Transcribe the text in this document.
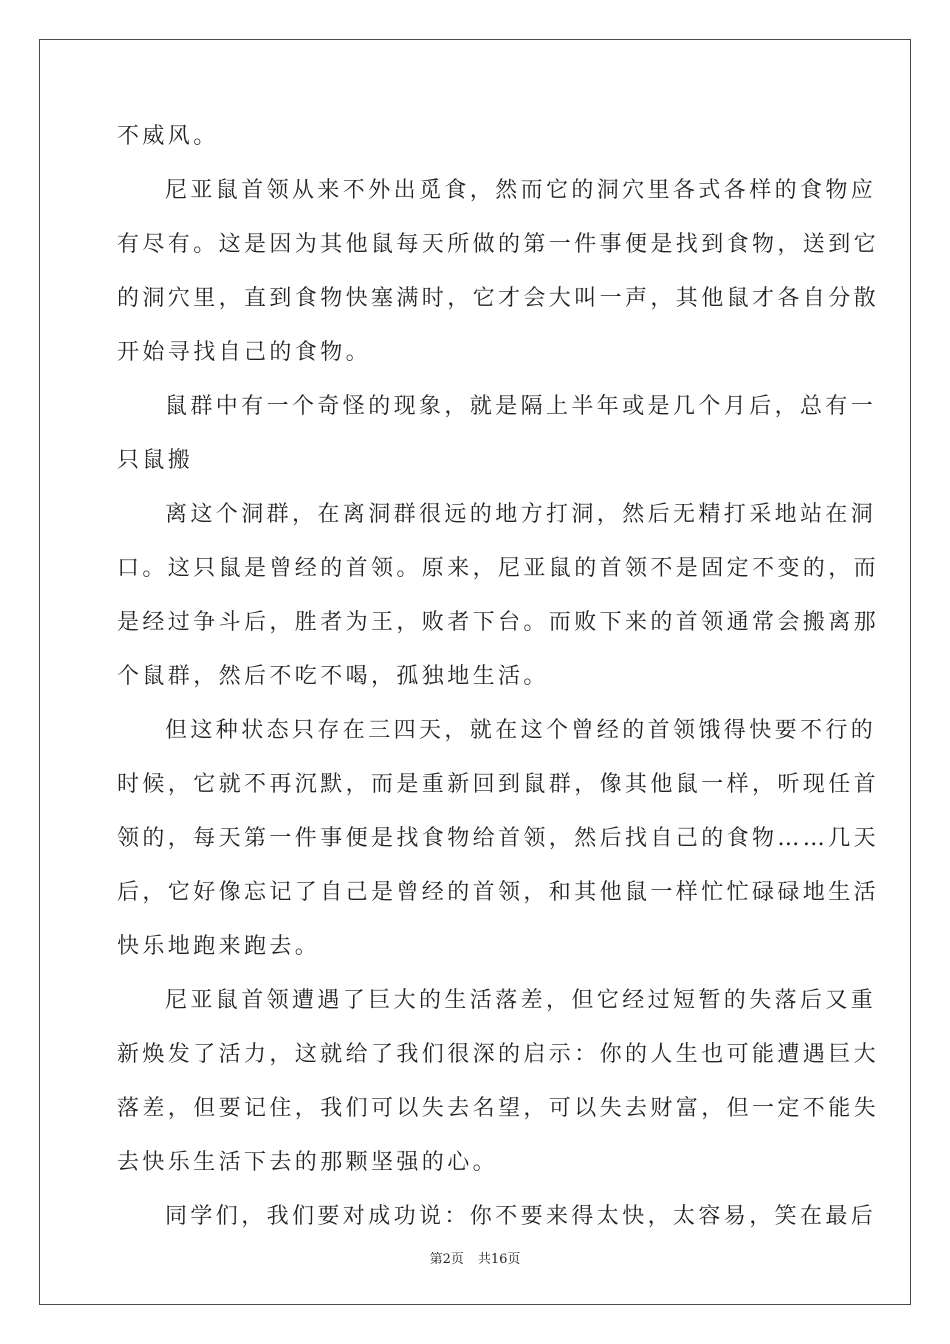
不威风。
尼亚鼠首领从来不外出觅食，然而它的洞穴里各式各样的食物应
有尽有。这是因为其他鼠每天所做的第一件事便是找到食物，送到它
的洞穴里，直到食物快塞满时，它才会大叫一声，其他鼠才各自分散
开始寻找自己的食物。
鼠群中有一个奇怪的现象，就是隔上半年或是几个月后，总有一
只鼠搬
离这个洞群，在离洞群很远的地方打洞，然后无精打采地站在洞
口。这只鼠是曾经的首领。原来，尼亚鼠的首领不是固定不变的，而
是经过争斗后，胜者为王，败者下台。而败下来的首领通常会搬离那
个鼠群，然后不吃不喝，孤独地生活。
但这种状态只存在三四天，就在这个曾经的首领饿得快要不行的
时候，它就不再沉默，而是重新回到鼠群，像其他鼠一样，听现任首
领的，每天第一件事便是找食物给首领，然后找自己的食物……几天
后，它好像忘记了自己是曾经的首领，和其他鼠一样忙忙碌碌地生活
快乐地跑来跑去。
尼亚鼠首领遭遇了巨大的生活落差，但它经过短暂的失落后又重
新焕发了活力，这就给了我们很深的启示：你的人生也可能遭遇巨大
落差，但要记住，我们可以失去名望，可以失去财富，但一定不能失
去快乐生活下去的那颗坚强的心。
同学们，我们要对成功说：你不要来得太快，太容易，笑在最后
第2页 共16页
